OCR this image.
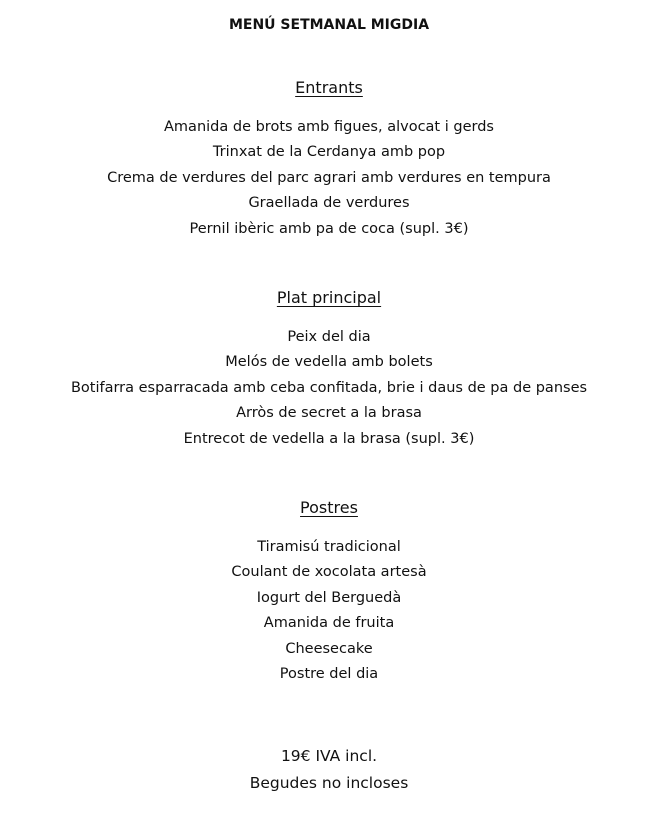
MENÚ SETMANAL MIGDIA
Entrants
Amanida de brots amb figues, alvocat i gerds
Trinxat de la Cerdanya amb pop
Crema de verdures del parc agrari amb verdures en tempura
Graellada de verdures
Pernil ibèric amb pa de coca (supl. 3€)
Plat principal
Peix del dia
Melós de vedella amb bolets
Botifarra esparracada amb ceba confitada, brie i daus de pa de panses
Arròs de secret a la brasa
Entrecot de vedella a la brasa (supl. 3€)
Postres
Tiramisú tradicional
Coulant de xocolata artesà
Iogurt del Berguedà
Amanida de fruita
Cheesecake
Postre del dia
19€ IVA incl.
Begudes no incloses
